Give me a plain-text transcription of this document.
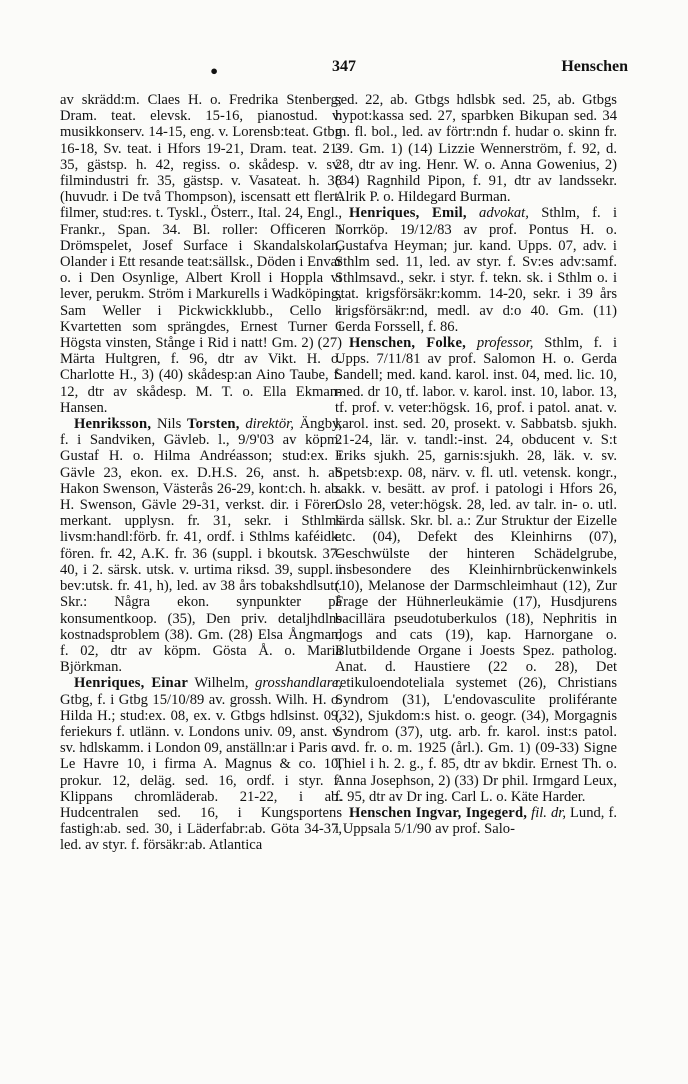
•	347	Henschen

av skrädd:m. Claes H. o. Fredrika Stenberg; Dram. teat. elevsk. 15-16, pianostud. v. musikkonserv. 14-15, eng. v. Lorensb:teat. Gtbg 16-18, Sv. teat. i Hfors 19-21, Dram. teat. 21-35, gästsp. h. 42, regiss. o. skådesp. v. sv. filmindustri fr. 35, gästsp. v. Vasateat. h. 38 (huvudr. i De två Thompson), iscensatt ett flert. filmer, stud:res. t. Tyskl., Österr., Ital. 24, Engl., Frankr., Span. 34. Bl. roller: Officeren i Drömspelet, Josef Surface i Skandalskolan, Olander i Ett resande teat:sällsk., Döden i Envar o. i Den Osynlige, Albert Kroll i Hoppla vi lever, perukm. Ström i Markurells i Wadköping, Sam Weller i Pickwickklubb., Cello i Kvartetten som sprängdes, Ernest Turner i Högsta vinsten, Stånge i Rid i natt! Gm. 2) (27) Märta Hultgren, f. 96, dtr av Vikt. H. o. Charlotte H., 3) (40) skådesp:an Aino Taube, f. 12, dtr av skådesp. M. T. o. Ella Ekman-Hansen.

Henriksson, Nils Torsten, direktör, Ängby, f. i Sandviken, Gävleb. l., 9/9'03 av köpm. Gustaf H. o. Hilma Andréasson; stud:ex. i Gävle 23, ekon. ex. D.H.S. 26, anst. h. ab Hakon Swenson, Västerås 26-29, kont:ch. h. ab. H. Swenson, Gävle 29-31, verkst. dir. i Fören. merkant. upplysn. fr. 31, sekr. i Sthlms livsm:handl:förb. fr. 41, ordf. i Sthlms kaféidk. fören. fr. 42, A.K. fr. 36 (suppl. i bkoutsk. 37-40, i 2. särsk. utsk. v. urtima riksd. 39, suppl. i bev:utsk. fr. 41, h), led. av 38 års tobakshdlsutr. Skr.: Några ekon. synpunkter på konsumentkoop. (35), Den priv. detaljhdlns kostnadsproblem (38). Gm. (28) Elsa Ångman, f. 02, dtr av köpm. Gösta Å. o. Maria Björkman.

Henriques, Einar Wilhelm, grosshandlare, Gtbg, f. i Gtbg 15/10/89 av. grossh. Wilh. H. o. Hilda H.; stud:ex. 08, ex. v. Gtbgs hdlsinst. 09, feriekurs f. utlänn. v. Londons univ. 09, anst. v. sv. hdlskamm. i London 09, anställn:ar i Paris o. Le Havre 10, i firma A. Magnus & co. 10, prokur. 12, deläg. sed. 16, ordf. i styr. f. Klippans chromläderab. 21-22, i ab. Hudcentralen sed. 16, i Kungsportens fastigh:ab. sed. 30, i Läderfabr:ab. Göta 34-37, led. av styr. f. försäkr:ab. Atlantica

sed. 22, ab. Gtbgs hdlsbk sed. 25, ab. Gtbgs hypot:kassa sed. 27, sparbken Bikupan sed. 34 m. fl. bol., led. av förtr:ndn f. hudar o. skinn fr. 39. Gm. 1) (14) Lizzie Wennerström, f. 92, d. 28, dtr av ing. Henr. W. o. Anna Gowenius, 2) (34) Ragnhild Pipon, f. 91, dtr av landssekr. Alrik P. o. Hildegard Burman.

Henriques, Emil, advokat, Sthlm, f. i Norrköp. 19/12/83 av prof. Pontus H. o. Gustafva Heyman; jur. kand. Upps. 07, adv. i Sthlm sed. 11, led. av styr. f. Sv:es adv:samf. Sthlmsavd., sekr. i styr. f. tekn. sk. i Sthlm o. i stat. krigsförsäkr:komm. 14-20, sekr. i 39 års krigsförsäkr:nd, medl. av d:o 40. Gm. (11) Gerda Forssell, f. 86.

Henschen, Folke, professor, Sthlm, f. i Upps. 7/11/81 av prof. Salomon H. o. Gerda Sandell; med. kand. karol. inst. 04, med. lic. 10, med. dr 10, tf. labor. v. karol. inst. 10, labor. 13, tf. prof. v. veter:högsk. 16, prof. i patol. anat. v. karol. inst. sed. 20, prosekt. v. Sabbatsb. sjukh. 21-24, lär. v. tandl:-inst. 24, obducent v. S:t Eriks sjukh. 25, garnis:sjukh. 28, läk. v. sv. Spetsb:exp. 08, närv. v. fl. utl. vetensk. kongr., sakk. v. besätt. av prof. i patologi i Hfors 26, Oslo 28, veter:högsk. 28, led. av talr. in- o. utl. lärda sällsk. Skr. bl. a.: Zur Struktur der Eizelle etc. (04), Defekt des Kleinhirns (07), Geschwülste der hinteren Schädelgrube, insbesondere des Kleinhirnbrückenwinkels (10), Melanose der Darmschleimhaut (12), Zur Frage der Hühnerleukämie (17), Husdjurens bacillära pseudotuberkulos (18), Nephritis in dogs and cats (19), kap. Harnorgane o. Blutbildende Organe i Joests Spez. patholog. Anat. d. Haustiere (22 o. 28), Det retikuloendoteliala systemet (26), Christians Syndrom (31), L'endovasculite proliférante (32), Sjukdom:s hist. o. geogr. (34), Morgagnis Syndrom (37), utg. arb. fr. karol. inst:s patol. avd. fr. o. m. 1925 (årl.). Gm. 1) (09-33) Signe Thiel i h. 2. g., f. 85, dtr av bkdir. Ernest Th. o. Anna Josephson, 2) (33) Dr phil. Irmgard Leux, f. 95, dtr av Dr ing. Carl L. o. Käte Harder.

Henschen Ingvar, Ingegerd, fil. dr, Lund, f. i Uppsala 5/1/90 av prof. Salo-
